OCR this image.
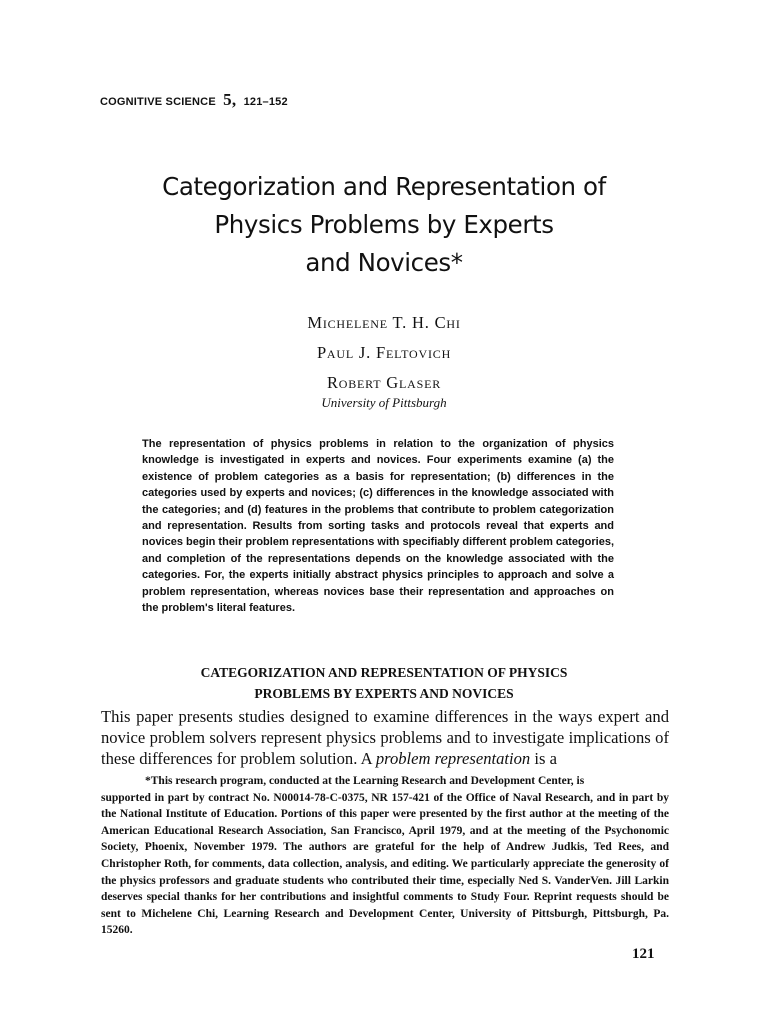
COGNITIVE SCIENCE 5, 121–152
Categorization and Representation of
Physics Problems by Experts
and Novices*
Michelene T. H. Chi
Paul J. Feltovich
Robert Glaser
University of Pittsburgh
The representation of physics problems in relation to the organization of physics knowledge is investigated in experts and novices. Four experiments examine (a) the existence of problem categories as a basis for representation; (b) differences in the categories used by experts and novices; (c) differences in the knowledge associated with the categories; and (d) features in the problems that contribute to problem categorization and representation. Results from sorting tasks and protocols reveal that experts and novices begin their problem representations with specifiably different problem categories, and completion of the representations depends on the knowledge associated with the categories. For, the experts initially abstract physics principles to approach and solve a problem representation, whereas novices base their representation and approaches on the problem's literal features.
CATEGORIZATION AND REPRESENTATION OF PHYSICS
PROBLEMS BY EXPERTS AND NOVICES
This paper presents studies designed to examine differences in the ways expert and novice problem solvers represent physics problems and to investigate implications of these differences for problem solution. A problem representation is a
*This research program, conducted at the Learning Research and Development Center, is
supported in part by contract No. N00014-78-C-0375, NR 157-421 of the Office of Naval Research, and in part by the National Institute of Education. Portions of this paper were presented by the first author at the meeting of the American Educational Research Association, San Francisco, April 1979, and at the meeting of the Psychonomic Society, Phoenix, November 1979. The authors are grateful for the help of Andrew Judkis, Ted Rees, and Christopher Roth, for comments, data collection, analysis, and editing. We particularly appreciate the generosity of the physics professors and graduate students who contributed their time, especially Ned S. VanderVen. Jill Larkin deserves special thanks for her contributions and insightful comments to Study Four. Reprint requests should be sent to Michelene Chi, Learning Research and Development Center, University of Pittsburgh, Pittsburgh, Pa. 15260.
121
